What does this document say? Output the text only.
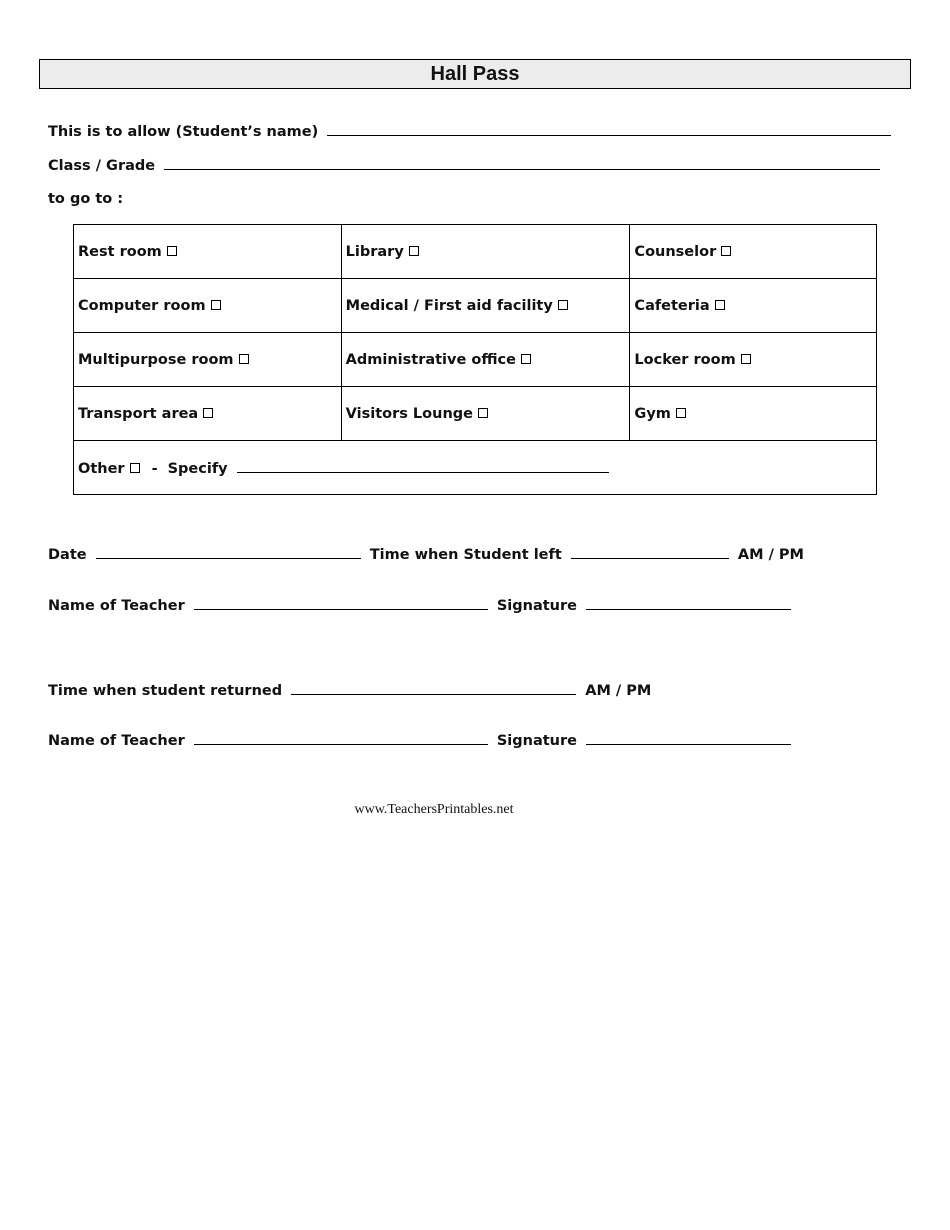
Hall Pass
This is to allow (Student’s name)
Class / Grade
to go to :
Rest room	Library	Counselor
Computer room	Medical / First aid facility	Cafeteria
Multipurpose room	Administrative office	Locker room
Transport area	Visitors Lounge	Gym
Other - Specify		
Date	Time when Student left	AM / PM
Name of Teacher	Signature
Time when student returned	AM / PM
Name of Teacher	Signature
www.TeachersPrintables.net
